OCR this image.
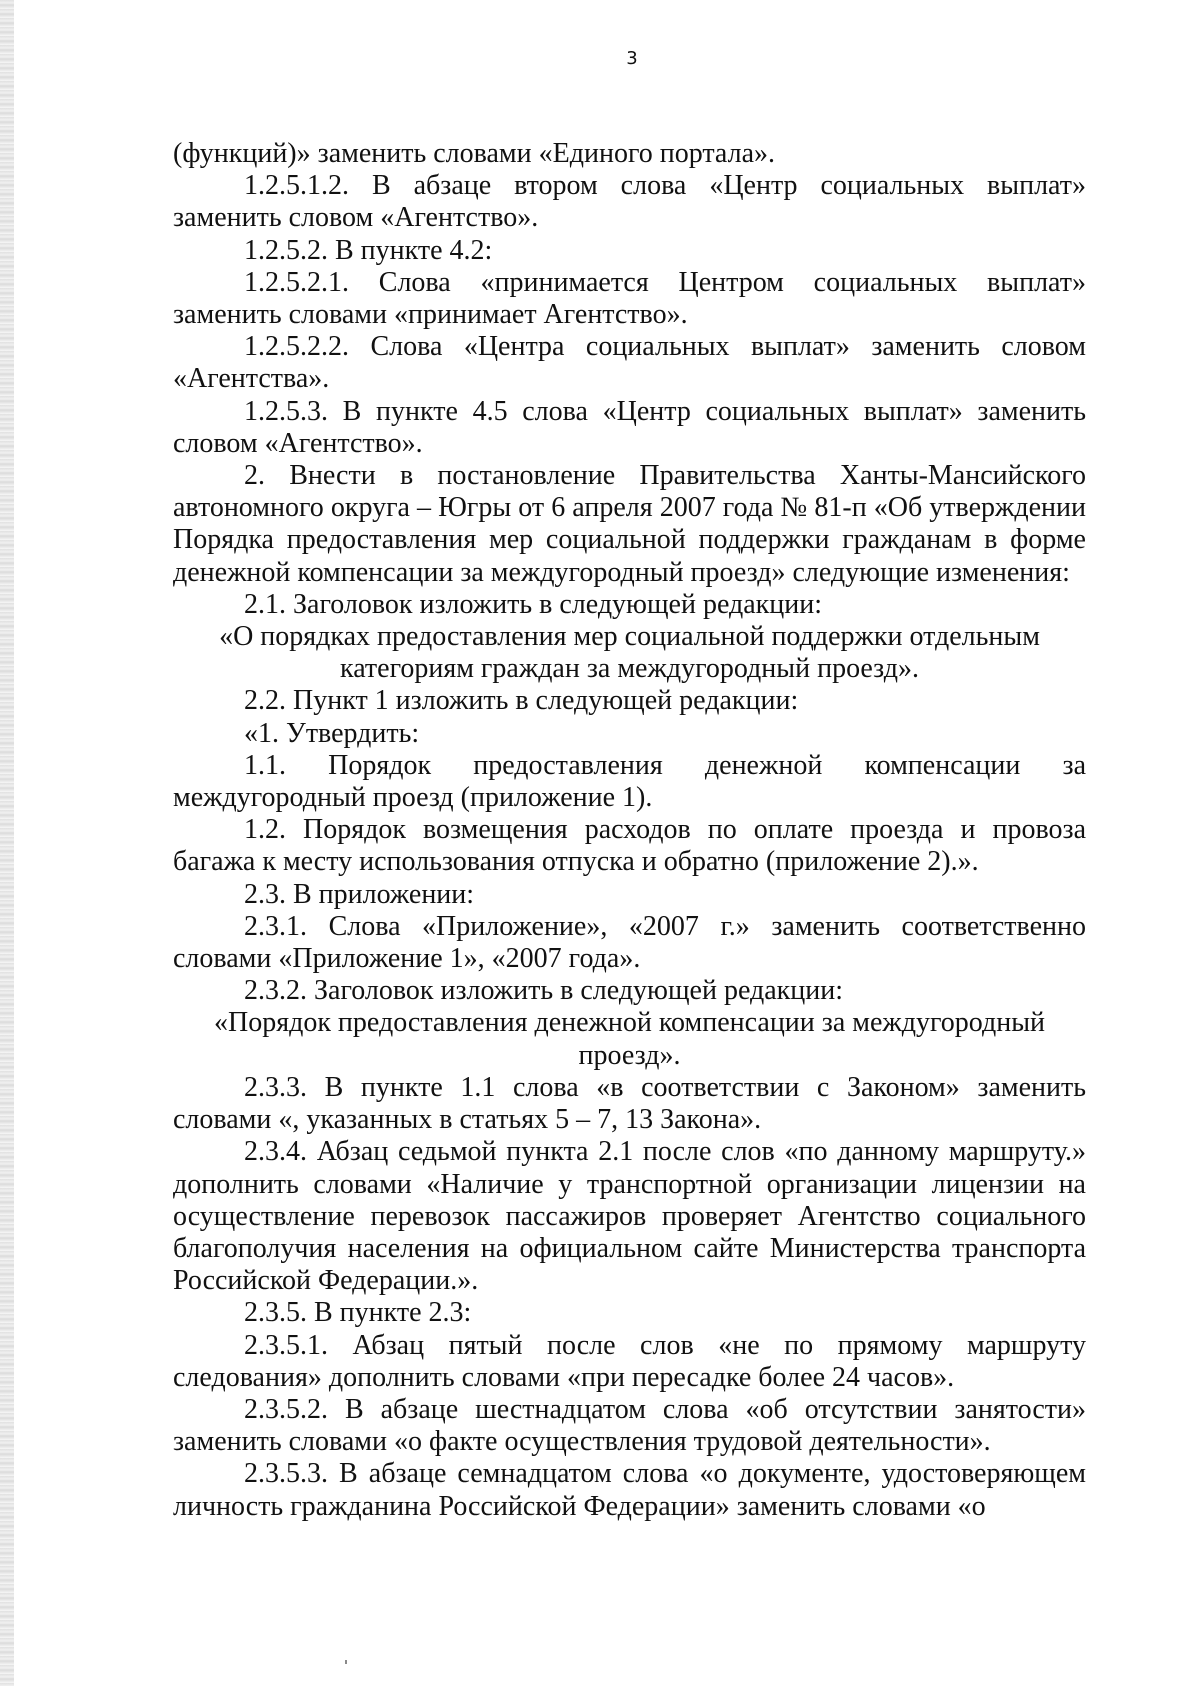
3

(функций)» заменить словами «Единого портала».

1.2.5.1.2. В абзаце втором слова «Центр социальных выплат» заменить словом «Агентство».

1.2.5.2. В пункте 4.2:

1.2.5.2.1. Слова «принимается Центром социальных выплат» заменить словами «принимает Агентство».

1.2.5.2.2. Слова «Центра социальных выплат» заменить словом «Агентства».

1.2.5.3. В пункте 4.5 слова «Центр социальных выплат» заменить словом «Агентство».

2. Внести в постановление Правительства Ханты-Мансийского автономного округа – Югры от 6 апреля 2007 года № 81-п «Об утверждении Порядка предоставления мер социальной поддержки гражданам в форме денежной компенсации за междугородный проезд» следующие изменения:

2.1. Заголовок изложить в следующей редакции:

«О порядках предоставления мер социальной поддержки отдельным категориям граждан за междугородный проезд».

2.2. Пункт 1 изложить в следующей редакции:

«1. Утвердить:

1.1. Порядок предоставления денежной компенсации за междугородный проезд (приложение 1).

1.2. Порядок возмещения расходов по оплате проезда и провоза багажа к месту использования отпуска и обратно (приложение 2).».

2.3. В приложении:

2.3.1. Слова «Приложение», «2007 г.» заменить соответственно словами «Приложение 1», «2007 года».

2.3.2. Заголовок изложить в следующей редакции:

«Порядок предоставления денежной компенсации за междугородный проезд».

2.3.3. В пункте 1.1 слова «в соответствии с Законом» заменить словами «, указанных в статьях 5 – 7, 13 Закона».

2.3.4. Абзац седьмой пункта 2.1 после слов «по данному маршруту.» дополнить словами «Наличие у транспортной организации лицензии на осуществление перевозок пассажиров проверяет Агентство социального благополучия населения на официальном сайте Министерства транспорта Российской Федерации.».

2.3.5. В пункте 2.3:

2.3.5.1. Абзац пятый после слов «не по прямому маршруту следования» дополнить словами «при пересадке более 24 часов».

2.3.5.2. В абзаце шестнадцатом слова «об отсутствии занятости» заменить словами «о факте осуществления трудовой деятельности».

2.3.5.3. В абзаце семнадцатом слова «о документе, удостоверяющем личность гражданина Российской Федерации» заменить словами «о
